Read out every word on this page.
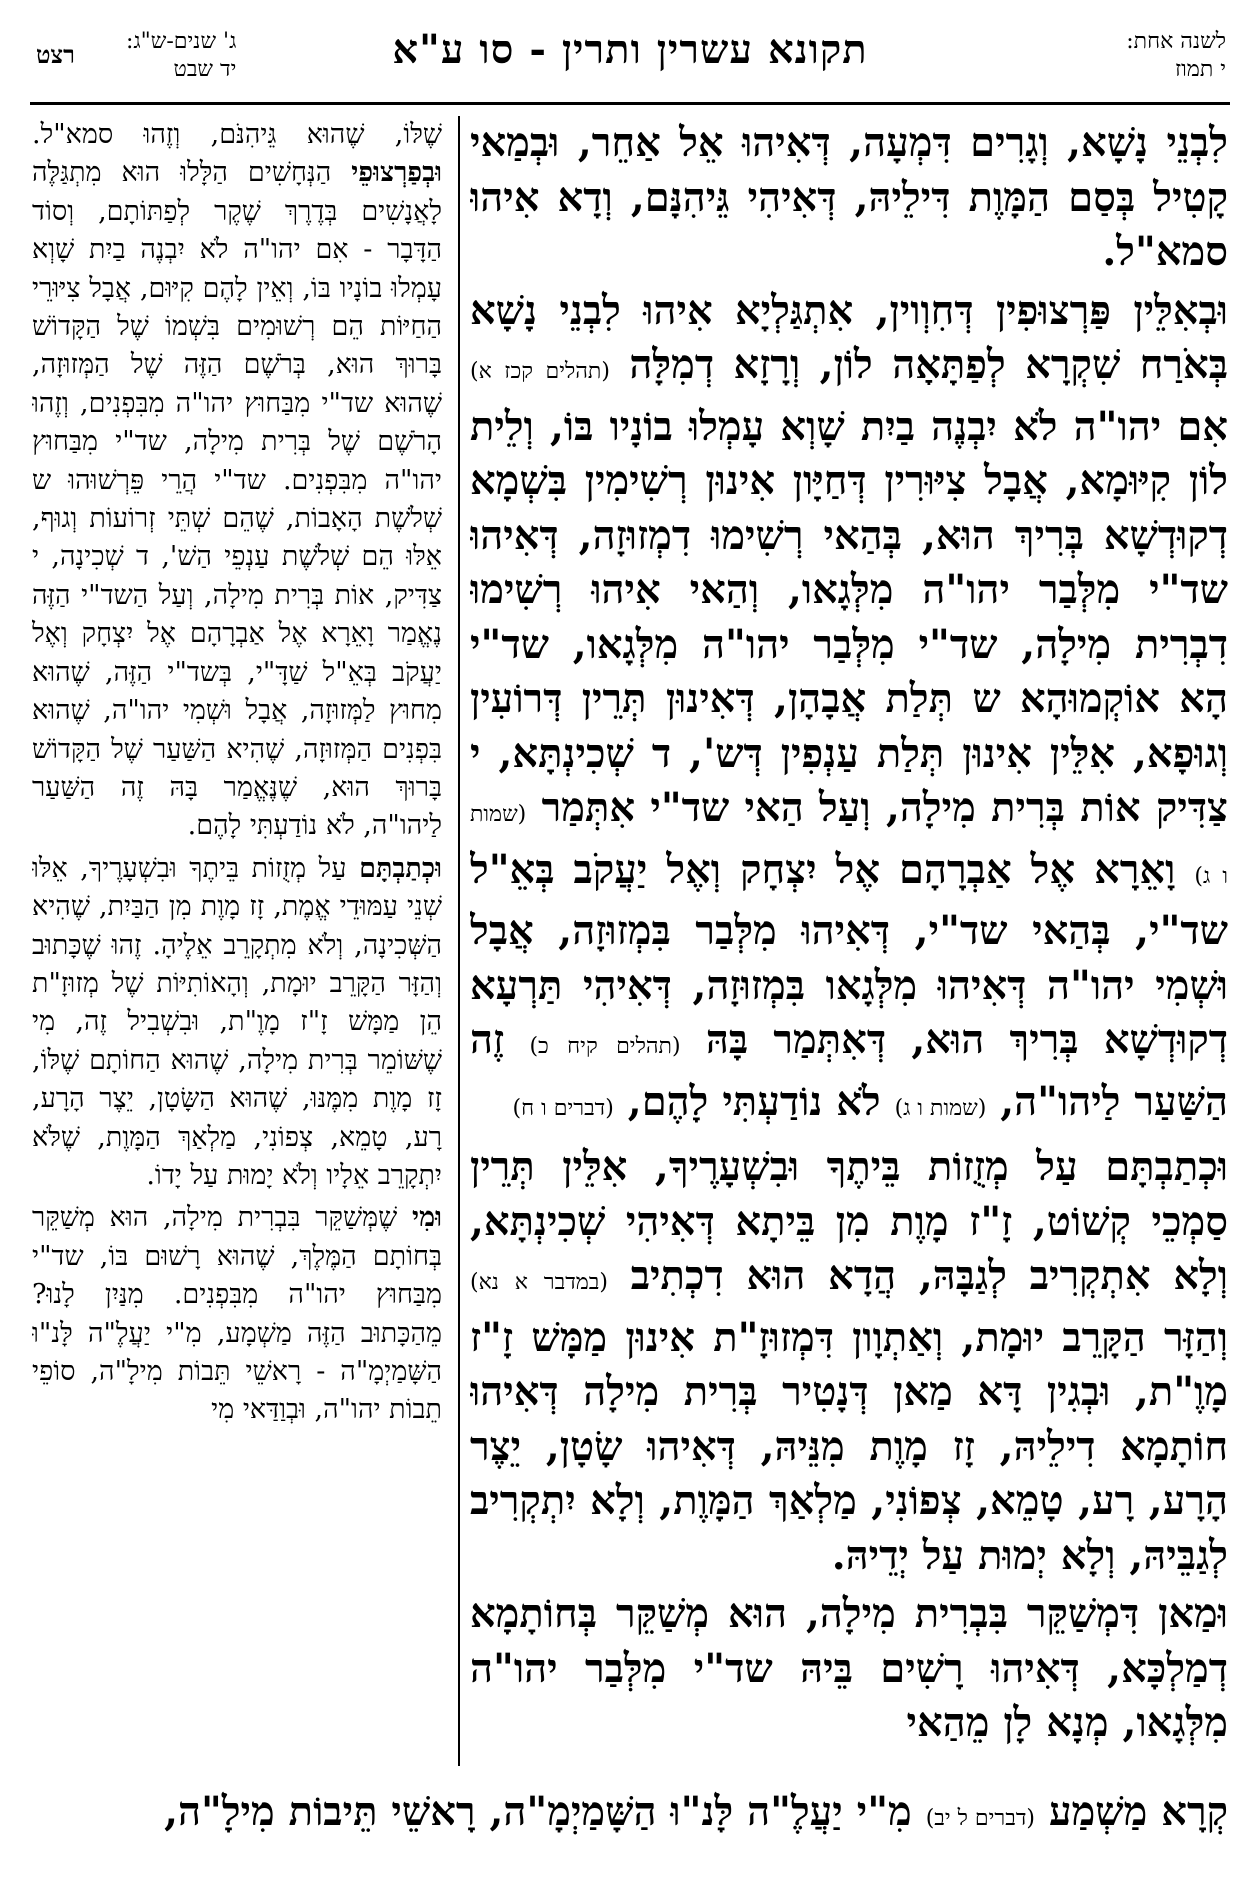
לשנה אחת:
י תמוז
תקונא עשרין ותרין - סו ע"א
ג' שנים-ש"ג:
יד שבט
רצט

לִבְנֵי נָשָׁא, וְגָרִים דִּמְעָה, דְּאִיהוּ אֵל אַחֵר, וּבְמַאי קָטִיל בְּסַם הַמָּוֶת דִּילֵיהּ, דְּאִיהִי גֵּיהִנָּם, וְדָא אִיהוּ סמא"ל.

וּבְאִלֵּין פַּרְצוּפִין דְּחִוְוין, אִתְגַּלְיָא אִיהוּ לִבְנֵי נָשָׁא בְּאֹרַח שִׁקְרָא לְפַתָּאָה לוֹן, וְרָזָא דְמִלָּה (תהלים קכז א) אִם יהו"ה לֹא יִבְנֶה בַיִת שָׁוְא עָמְלוּ בוֹנָיו בּוֹ, וְלֵית לוֹן קִיּוּמָא, אֲבָל צִיּוּרִין דְּחַיָּון אִינוּן רְשִׁימִין בִּשְׁמָא דְקוּדְשָׁא בְּרִיךְ הוּא, בְּהַאי רְשִׁימוּ דִמְזוּזָה, דְּאִיהוּ שד"י מִלְּבַר יהו"ה מִלְּגָאו, וְהַאי אִיהוּ רְשִׁימוּ דִבְרִית מִילָה, שד"י מִלְּבַר יהו"ה מִלְּגָאו, שד"י הָא אוֹקְמוּהָא ש תְּלַת אֲבָהָן, דְּאִינוּן תְּרֵין דְּרוֹעִין וְגוּפָא, אִלֵּין אִינוּן תְּלַת עַנְפִין דְּש', ד שְׁכִינְתָּא, י צַדִּיק אוֹת בְּרִית מִילָה, וְעַל הַאי שד"י אִתְּמַר (שמות ו ג) וָאֵרָא אֶל אַבְרָהָם אֶל יִצְחָק וְאֶל יַעֲקֹב בְּאֵ"ל שד"י, בְּהַאי שד"י, דְּאִיהוּ מִלְּבַר בִּמְזוּזָה, אֲבָל וּשְׁמִי יהו"ה דְּאִיהוּ מִלְּגָאו בִּמְזוּזָה, דְּאִיהִי תַּרְעָא דְקוּדְשָׁא בְּרִיךְ הוּא, דְּאִתְּמַר בָּהּ (תהלים קיח כ) זֶה הַשַּׁעַר לַיהו"ה, (שמות ו ג) לֹא נוֹדַעְתִּי לָהֶם, (דברים ו ח)

וּכְתַבְתָּם עַל מְזֻזוֹת בֵּיתֶךָ וּבִשְׁעָרֶיךָ, אִלֵּין תְּרֵין סַמְכֵי קְשׁוֹט, זָ"ז מָוֶת מִן בֵּיתָא דְּאִיהִי שְׁכִינְתָּא, וְלָא אִתְקְרִיב לְגַבָּהּ, הֲדָא הוּא דִכְתִיב (במדבר א נא) וְהַזָּר הַקָּרֵב יוּמָת, וְאַתְוָון דִּמְזוּזָ"ת אִינוּן מַמָּשׁ זָ"ז מָוֶ"ת, וּבְגִין דָּא מַאן דְּנָטִיר בְּרִית מִילָה דְּאִיהוּ חוֹתָמָא דִילֵיהּ, זָז מָוֶת מִנֵּיהּ, דְּאִיהוּ שָׂטָן, יֵצֶר הָרָע, רָע, טָמֵא, צְפוֹנִי, מַלְאַךְ הַמָּוֶת, וְלָא יִתְקְרִיב לְגַבֵּיהּ, וְלָא יְמוּת עַל יְדֵיהּ.

וּמַאן דִּמְשַׁקֵּר בִּבְרִית מִילָה, הוּא מְשַׁקֵּר בְּחוֹתָמָא דְמַלְכָּא, דְּאִיהוּ רָשִׁים בֵּיהּ שד"י מִלְּבַר יהו"ה מִלְּגָאו, מְנָא לָן מֵהַאי

שֶׁלּוֹ, שֶׁהוּא גֵּיהִנֹּם, וְזֶהוּ סמא"ל. וּבְפַרְצוּפֵי הַנְּחָשִׁים הַלָּלוּ הוּא מִתְגַּלֶּה לָאֲנָשִׁים בְּדֶרֶךְ שֶׁקֶר לְפַתּוֹתָם, וְסוֹד הַדָּבָר - אִם יהו"ה לֹא יִבְנֶה בַיִת שָׁוְא עָמְלוּ בוֹנָיו בּוֹ, וְאֵין לָהֶם קִיּוּם, אֲבָל צִיּוּרֵי הַחַיּוֹת הֵם רְשׁוּמִים בִּשְׁמוֹ שֶׁל הַקָּדוֹשׁ בָּרוּךְ הוּא, בְּרֹשֶׁם הַזֶּה שֶׁל הַמְּזוּזָה, שֶׁהוּא שד"י מִבַּחוּץ יהו"ה מִבִּפְנִים, וְזֶהוּ הָרֹשֶׁם שֶׁל בְּרִית מִילָה, שד"י מִבַּחוּץ יהו"ה מִבִּפְנִים. שד"י הֲרֵי פֵּרְשׁוּהוּ ש שְׁלֹשֶׁת הָאָבוֹת, שֶׁהֵם שְׁתֵּי זְרוֹעוֹת וְגוּף, אֵלּוּ הֵם שְׁלֹשֶׁת עַנְפֵי הַשׁ', ד שְׁכִינָה, י צַדִּיק, אוֹת בְּרִית מִילָה, וְעַל הַשד"י הַזֶּה נֶאֱמַר וָאֵרָא אֶל אַבְרָהָם אֶל יִצְחָק וְאֶל יַעֲקֹב בְּאֵ"ל שַׁדָּ"י, בְּשד"י הַזֶּה, שֶׁהוּא מִחוּץ לַמְּזוּזָה, אֲבָל וּשְׁמִי יהו"ה, שֶׁהוּא בִּפְנִים הַמְּזוּזָה, שֶׁהִיא הַשַּׁעַר שֶׁל הַקָּדוֹשׁ בָּרוּךְ הוּא, שֶׁנֶּאֱמַר בָּהּ זֶה הַשַּׁעַר לַיהו"ה, לֹא נוֹדַעְתִּי לָהֶם.

וּכְתַבְתָּם עַל מְזֻזוֹת בֵּיתֶךָ וּבִשְׁעָרֶיךָ, אֵלּוּ שְׁנֵי עַמּוּדֵי אֱמֶת, זָז מָוֶת מִן הַבַּיִת, שֶׁהִיא הַשְּׁכִינָה, וְלֹא מִתְקָרֵב אֵלֶיהָ. זֶהוּ שֶׁכָּתוּב וְהַזָּר הַקָּרֵב יוּמָת, וְהָאוֹתִיּוֹת שֶׁל מְזוּזָ"ת הֵן מַמָּשׁ זָ"ז מָוֶ"ת, וּבִשְׁבִיל זֶה, מִי שֶׁשּׁוֹמֵר בְּרִית מִילָה, שֶׁהוּא הַחוֹתָם שֶׁלּוֹ, זָז מָוֶת מִמֶּנּוּ, שֶׁהוּא הַשָּׂטָן, יֵצֶר הָרָע, רָע, טָמֵא, צְפוֹנִי, מַלְאַךְ הַמָּוֶת, שֶׁלֹּא יִתְקָרֵב אֵלָיו וְלֹא יָמוּת עַל יָדוֹ.

וּמִי שֶׁמְּשַׁקֵּר בִּבְרִית מִילָה, הוּא מְשַׁקֵּר בְּחוֹתָם הַמֶּלֶךְ, שֶׁהוּא רָשׁוּם בּוֹ, שד"י מִבַּחוּץ יהו"ה מִבִּפְנִים. מִנַּיִן לָנוּ? מֵהַכָּתוּב הַזֶּה מַשְׁמָע, מִ"י יַעֲלֶ"ה לָּנ"וּ הַשָּׁמַיְמָ"ה - רָאשֵׁי תֵּבוֹת מִילָ"ה, סוֹפֵי תֵבוֹת יהו"ה, וּבְוַדַּאי מִי

קְרָא מַשְׁמַע (דברים ל יב) מִ"י יַעֲלֶ"ה לָּנ"וּ הַשָּׁמַיְמָ"ה, רָאשֵׁי תֵּיבוֹת מִילָ"ה,
